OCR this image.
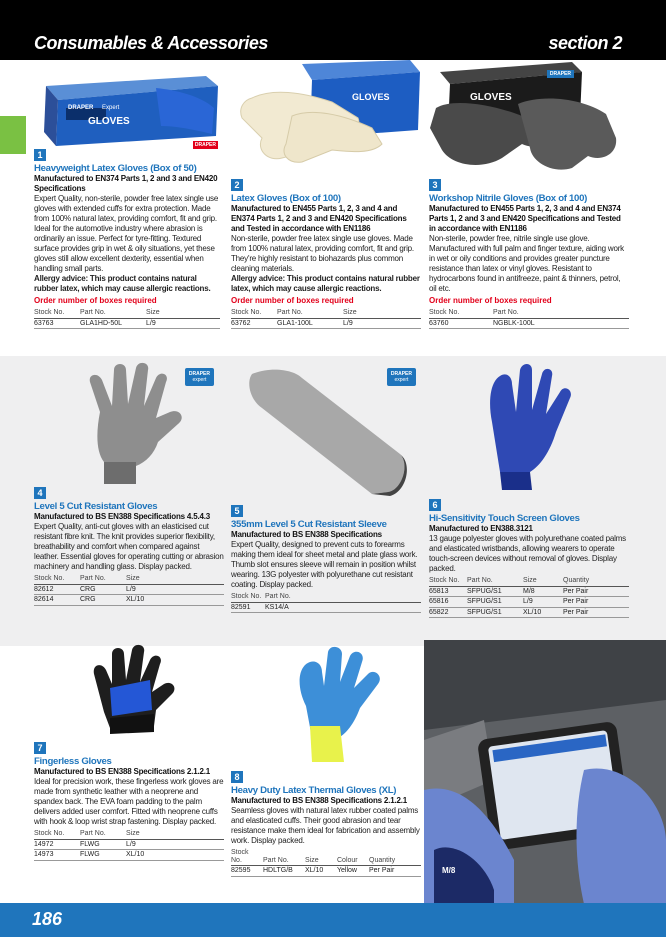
Consumables & Accessories	section 2
DRAPER Expert
GLOVES
DRAPER
GLOVES	GLOVES
DRAPER
1
Heavyweight Latex Gloves (Box of 50)
Manufactured to EN374 Parts 1, 2 and 3 and EN420 Specifications
Expert Quality, non-sterile, powder free latex single use gloves with extended cuffs for extra protection. Made from 100% natural latex, providing comfort, fit and grip. Ideal for the automotive industry where abrasion is ordinarily an issue. Perfect for tyre-fitting. Textured surface provides grip in wet & oily situations, yet these gloves still allow excellent dexterity, essential when handling small parts.
Allergy advice: This product contains natural rubber latex, which may cause allergic reactions.
Order number of boxes required
Stock No.	Part No.	Size
63763	GLA1HD-50L	L/9
2
Latex Gloves (Box of 100)
Manufactured to EN455 Parts 1, 2, 3 and 4 and EN374 Parts 1, 2 and 3 and EN420 Specifications and Tested in accordance with EN1186
Non-sterile, powder free latex single use gloves. Made from 100% natural latex, providing comfort, fit and grip. They're highly resistant to biohazards plus common cleaning materials.
Allergy advice: This product contains natural rubber latex, which may cause allergic reactions.
Order number of boxes required
Stock No.	Part No.	Size
63762	GLA1-100L	L/9
3
Workshop Nitrile Gloves (Box of 100)
Manufactured to EN455 Parts 1, 2, 3 and 4 and EN374 Parts 1, 2 and 3 and EN420 Specifications and Tested in accordance with EN1186
Non-sterile, powder free, nitrile single use glove. Manufactured with full palm and finger texture, aiding work in wet or oily conditions and provides greater puncture resistance than latex or vinyl gloves. Resistant to hydrocarbons found in antifreeze, paint & thinners, petrol, oil etc.
Order number of boxes required
Stock No.	Part No.
63760	NGBLK-100L
DRAPER
expert
DRAPER
expert
4
Level 5 Cut Resistant Gloves
Manufactured to BS EN388 Specifications 4.5.4.3
Expert Quality, anti-cut gloves with an elasticised cut resistant fibre knit. The knit provides superior flexibility, breathability and comfort when compared against leather. Essential gloves for operating cutting or abrasion machinery and handling glass. Display packed.
Stock No.	Part No.	Size
82612	CRG	L/9
82614	CRG	XL/10
5
355mm Level 5 Cut Resistant Sleeve
Manufactured to BS EN388 Specifications
Expert Quality, designed to prevent cuts to forearms making them ideal for sheet metal and plate glass work. Thumb slot ensures sleeve will remain in position whilst wearing. 13G polyester with polyurethane cut resistant coating. Display packed.
Stock No.	Part No.
82591	KS14/A
6
Hi-Sensitivity Touch Screen Gloves
Manufactured to EN388.3121
13 gauge polyester gloves with polyurethane coated palms and elasticated wristbands, allowing wearers to operate touch-screen devices without removal of gloves. Display packed.
Stock No.	Part No.	Size	Quantity
65813	SFPUG/S1	M/8	Per Pair
65816	SFPUG/S1	L/9	Per Pair
65822	SFPUG/S1	XL/10	Per Pair
M/8
7
Fingerless Gloves
Manufactured to BS EN388 Specifications 2.1.2.1
Ideal for precision work, these fingerless work gloves are made from synthetic leather with a neoprene and spandex back. The EVA foam padding to the palm delivers added user comfort. Fitted with neoprene cuffs with hook & loop wrist strap fastening. Display packed.
Stock No.	Part No.	Size
14972	FLWG	L/9
14973	FLWG	XL/10
8
Heavy Duty Latex Thermal Gloves (XL)
Manufactured to BS EN388 Specifications 2.1.2.1
Seamless gloves with natural latex rubber coated palms and elasticated cuffs. Their good abrasion and tear resistance make them ideal for fabrication and assembly work. Display packed.
Stock No.	Part No.	Size	Colour	Quantity
82595	HDLTG/B	XL/10	Yellow	Per Pair
186
